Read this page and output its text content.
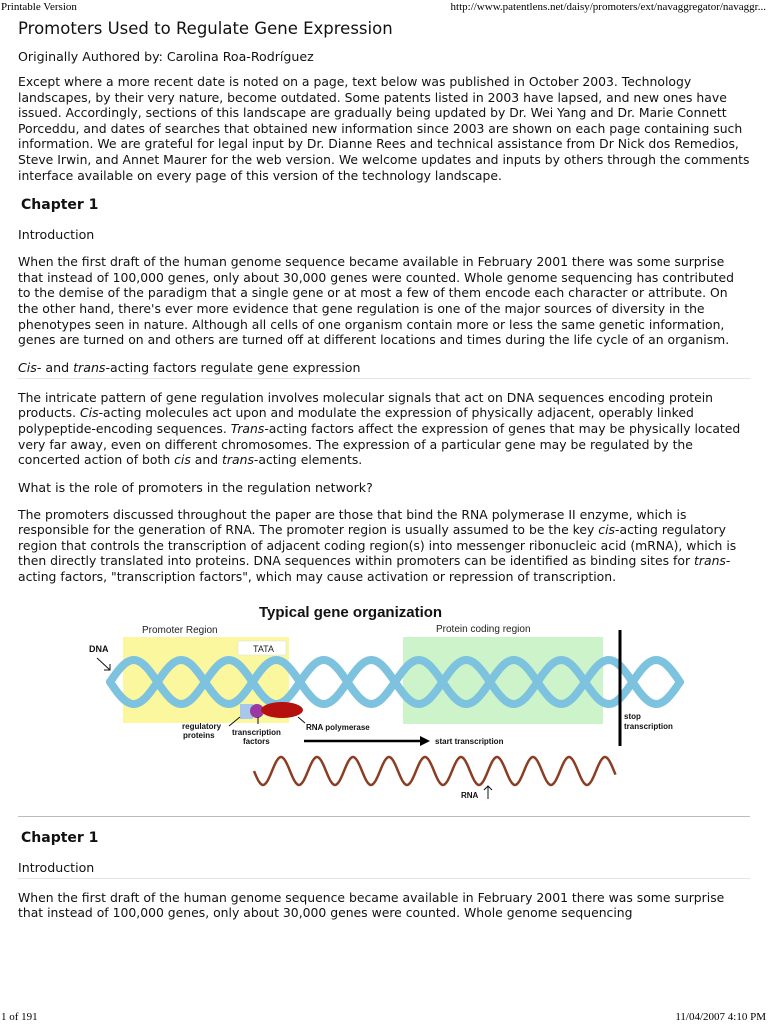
Printable Version	http://www.patentlens.net/daisy/promoters/ext/navaggregator/navaggr...
Promoters Used to Regulate Gene Expression

Originally Authored by: Carolina Roa-Rodríguez

Except where a more recent date is noted on a page, text below was published in October 2003. Technology landscapes, by their very nature, become outdated. Some patents listed in 2003 have lapsed, and new ones have issued. Accordingly, sections of this landscape are gradually being updated by Dr. Wei Yang and Dr. Marie Connett Porceddu, and dates of searches that obtained new information since 2003 are shown on each page containing such information. We are grateful for legal input by Dr. Dianne Rees and technical assistance from Dr Nick dos Remedios, Steve Irwin, and Annet Maurer for the web version. We welcome updates and inputs by others through the comments interface available on every page of this version of the technology landscape.

Chapter 1
Introduction

When the first draft of the human genome sequence became available in February 2001 there was some surprise that instead of 100,000 genes, only about 30,000 genes were counted. Whole genome sequencing has contributed to the demise of the paradigm that a single gene or at most a few of them encode each character or attribute. On the other hand, there's ever more evidence that gene regulation is one of the major sources of diversity in the phenotypes seen in nature. Although all cells of one organism contain more or less the same genetic information, genes are turned on and others are turned off at different locations and times during the life cycle of an organism.

Cis- and trans-acting factors regulate gene expression

The intricate pattern of gene regulation involves molecular signals that act on DNA sequences encoding protein products. Cis-acting molecules act upon and modulate the expression of physically adjacent, operably linked polypeptide-encoding sequences. Trans-acting factors affect the expression of genes that may be physically located very far away, even on different chromosomes. The expression of a particular gene may be regulated by the concerted action of both cis and trans-acting elements.

What is the role of promoters in the regulation network?

The promoters discussed throughout the paper are those that bind the RNA polymerase II enzyme, which is responsible for the generation of RNA. The promoter region is usually assumed to be the key cis-acting regulatory region that controls the transcription of adjacent coding region(s) into messenger ribonucleic acid (mRNA), which is then directly translated into proteins. DNA sequences within promoters can be identified as binding sites for trans-acting factors, "transcription factors", which may cause activation or repression of transcription.

Typical gene organization
Promoter Region	Protein coding region
TATA
DNA
regulatory
proteins transcription
factors
RNA polymerase
start transcription
stop
transcription
RNA
Chapter 1
Introduction

When the first draft of the human genome sequence became available in February 2001 there was some surprise that instead of 100,000 genes, only about 30,000 genes were counted. Whole genome sequencing

1 of 191	11/04/2007 4:10 PM
